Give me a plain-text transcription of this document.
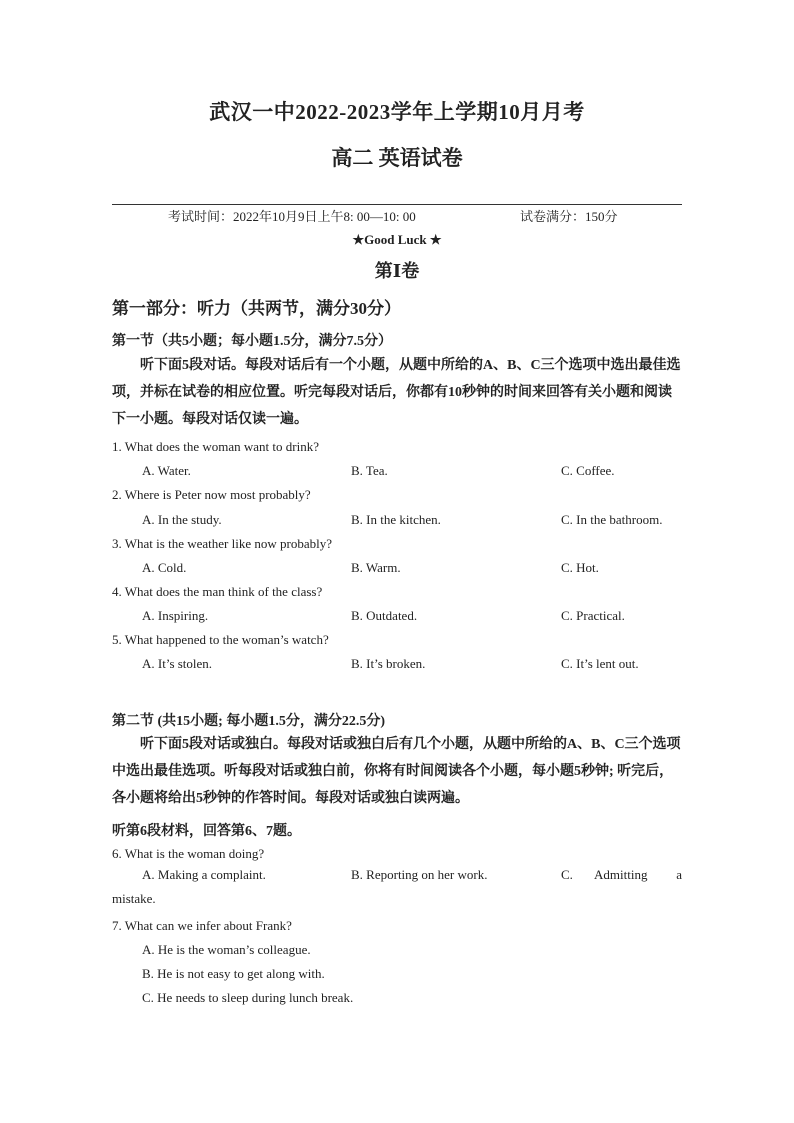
武汉一中2022-2023学年上学期10月月考
高二 英语试卷
考试时间：2022年10月9日上午8: 00—10: 00	试卷满分：150分
★Good Luck ★
第Ⅰ卷
第一部分：听力（共两节，满分30分）
第一节（共5小题；每小题1.5分，满分7.5分）
听下面5段对话。每段对话后有一个小题，从题中所给的A、B、C三个选项中选出最佳选项，并标在试卷的相应位置。听完每段对话后，你都有10秒钟的时间来回答有关小题和阅读下一小题。每段对话仅读一遍。
1. What does the woman want to drink?
A. Water.	B. Tea.	C. Coffee.
2. Where is Peter now most probably?
A. In the study.	B. In the kitchen.	C. In the bathroom.
3. What is the weather like now probably?
A. Cold.	B. Warm.	C. Hot.
4. What does the man think of the class?
A. Inspiring.	B. Outdated.	C. Practical.
5. What happened to the woman’s watch?
A. It’s stolen.	B. It’s broken.	C. It’s lent out.
第二节 (共15小题; 每小题1.5分，满分22.5分)
听下面5段对话或独白。每段对话或独白后有几个小题，从题中所给的A、B、C三个选项中选出最佳选项。听每段对话或独白前，你将有时间阅读各个小题，每小题5秒钟; 听完后，各小题将给出5秒钟的作答时间。每段对话或独白读两遍。
听第6段材料，回答第6、7题。
6. What is the woman doing?
A. Making a complaint.	B. Reporting on her work.	C. Admitting a
mistake.
7. What can we infer about Frank?
A. He is the woman’s colleague.
B. He is not easy to get along with.
C. He needs to sleep during lunch break.
